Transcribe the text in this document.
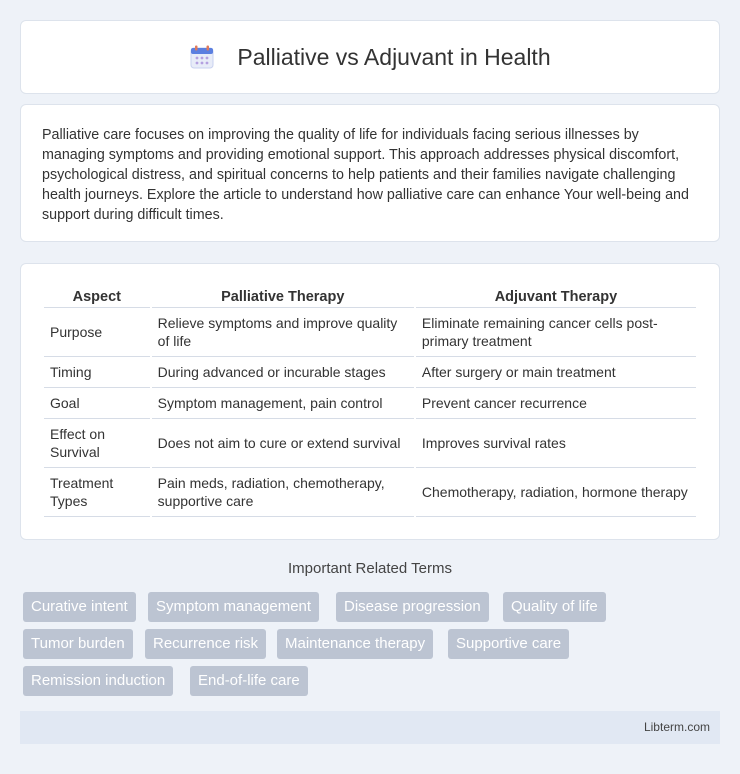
Palliative vs Adjuvant in Health

Palliative care focuses on improving the quality of life for individuals facing serious illnesses by managing symptoms and providing emotional support. This approach addresses physical discomfort, psychological distress, and spiritual concerns to help patients and their families navigate challenging health journeys. Explore the article to understand how palliative care can enhance Your well-being and support during difficult times.

Aspect	Palliative Therapy	Adjuvant Therapy
Purpose	Relieve symptoms and improve quality of life	Eliminate remaining cancer cells post-primary treatment
Timing	During advanced or incurable stages	After surgery or main treatment
Goal	Symptom management, pain control	Prevent cancer recurrence
Effect on Survival	Does not aim to cure or extend survival	Improves survival rates
Treatment Types	Pain meds, radiation, chemotherapy, supportive care	Chemotherapy, radiation, hormone therapy
Important Related Terms
Curative intent	Symptom management	Disease progression	Quality of life
Tumor burden	Recurrence risk	Maintenance therapy	Supportive care
Remission induction	End-of-life care
Libterm.com
